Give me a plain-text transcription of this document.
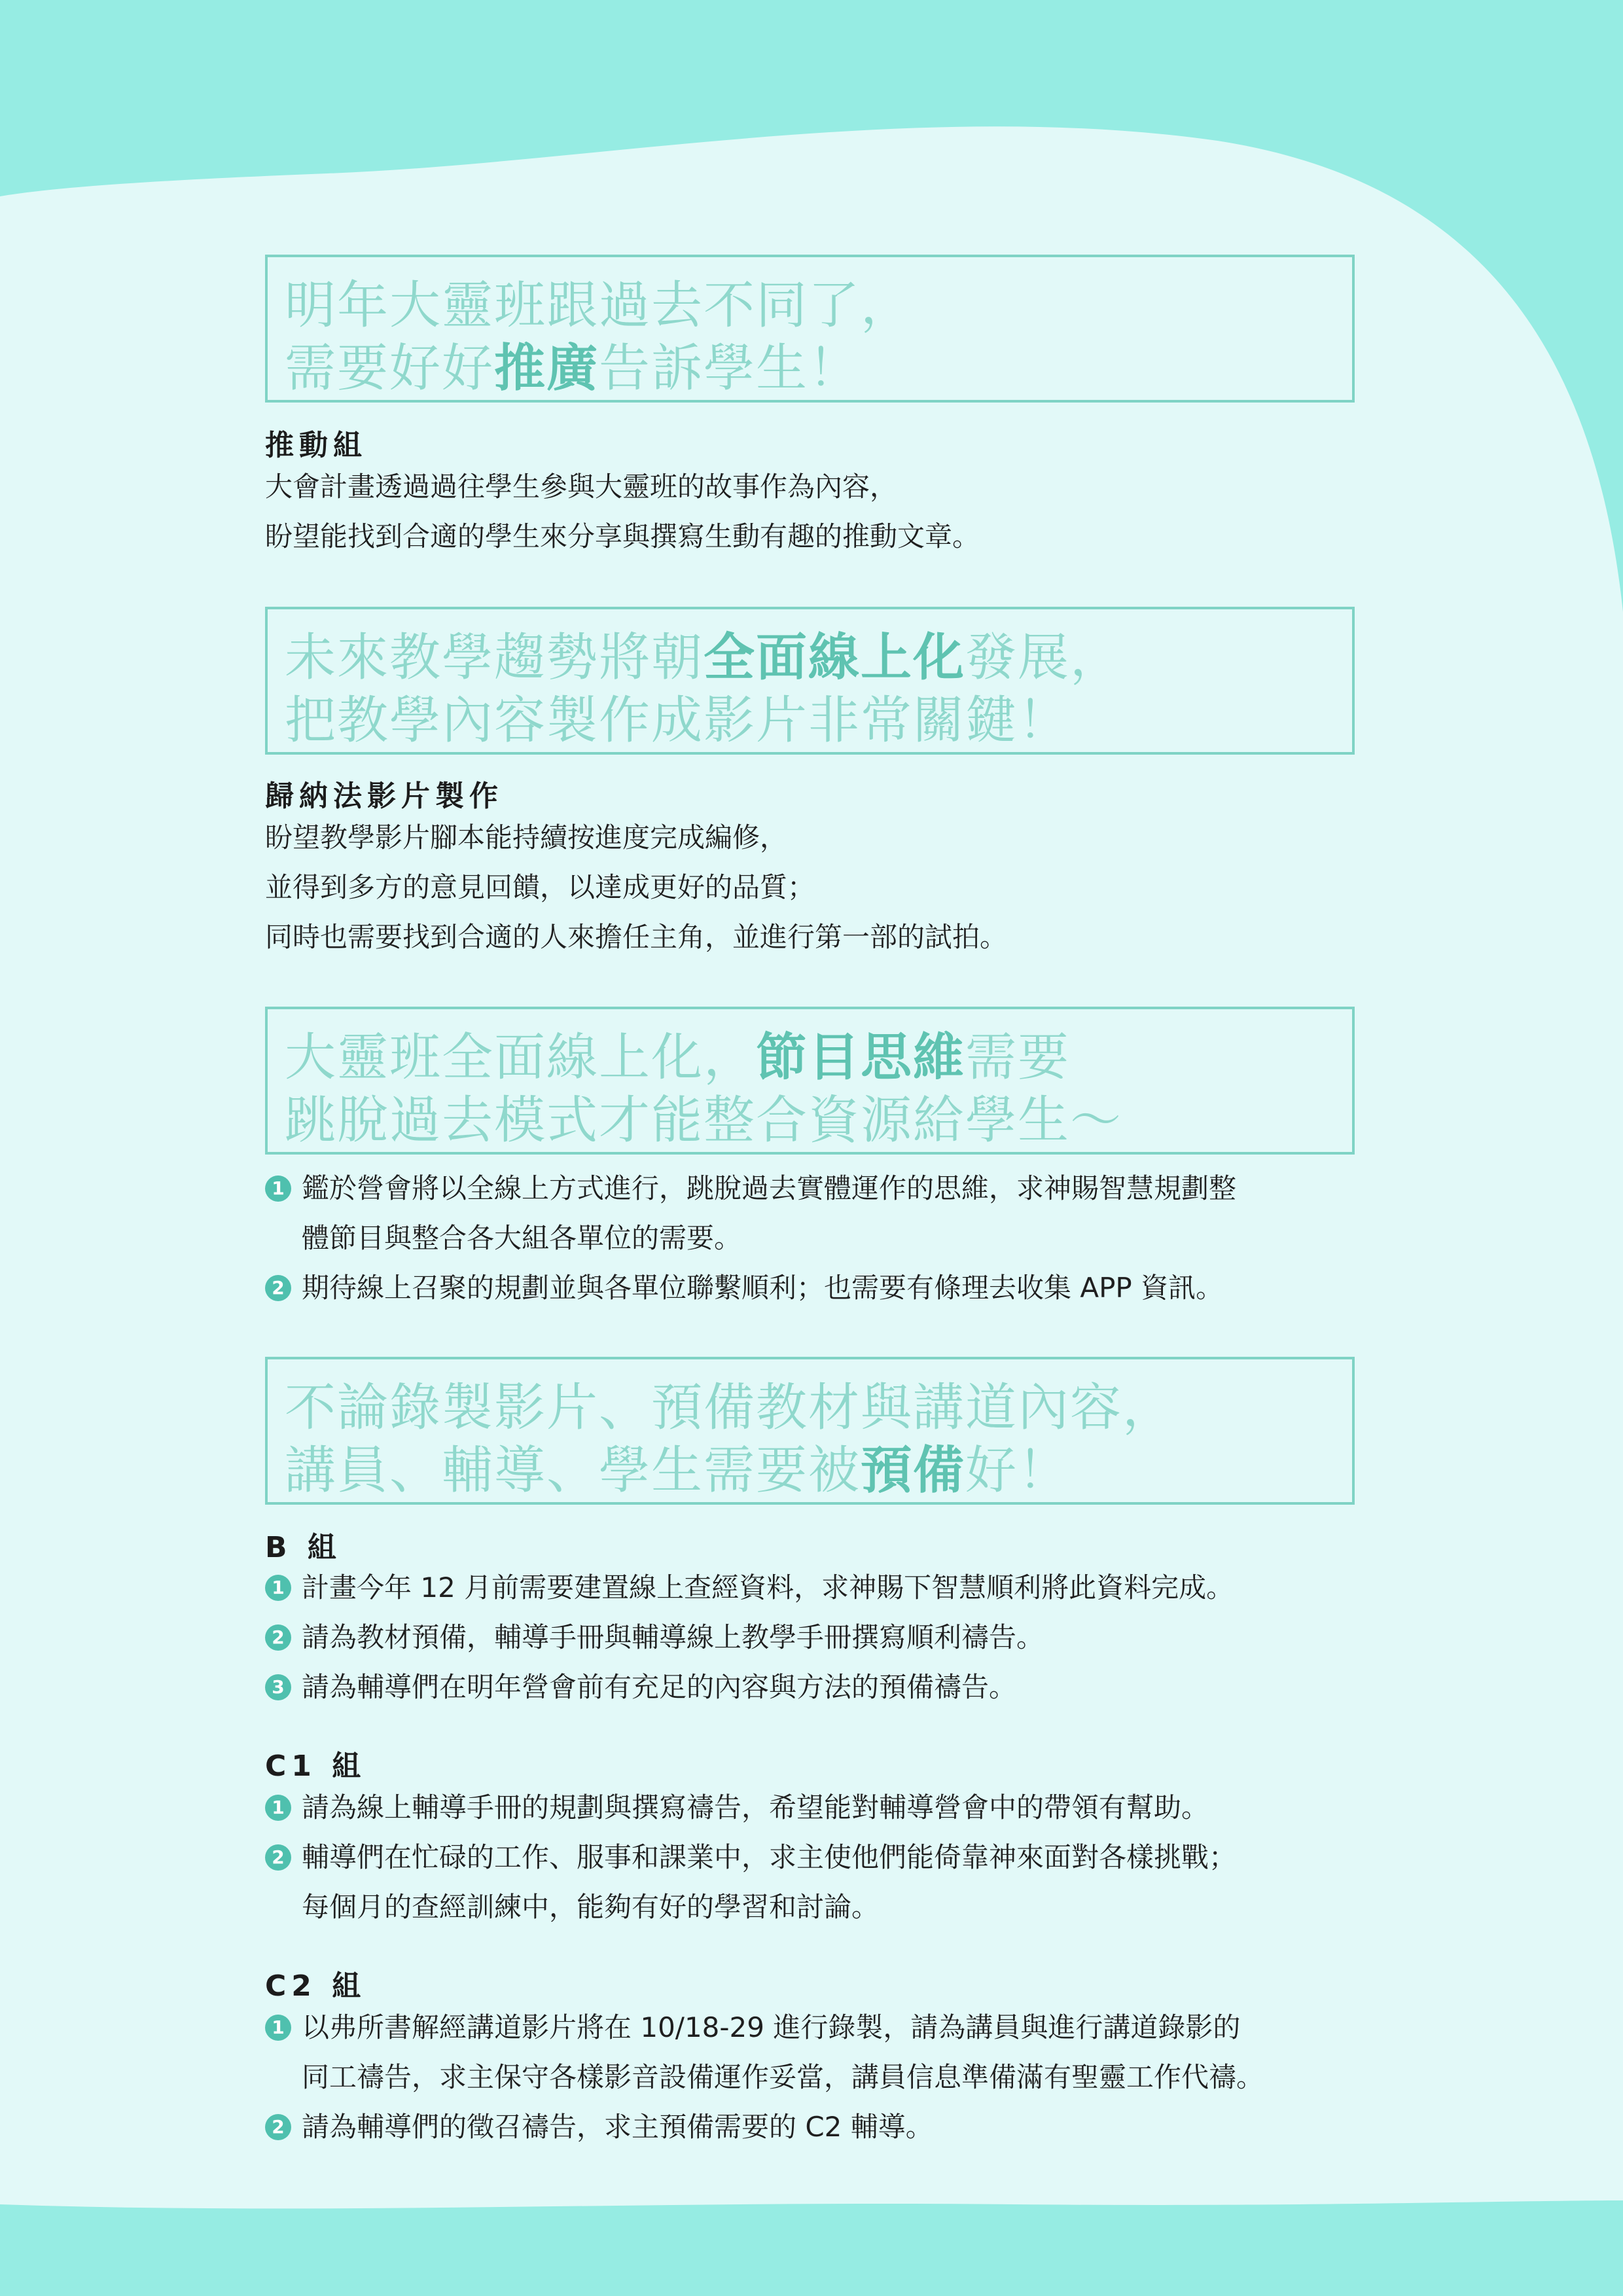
明年大靈班跟過去不同了，
需要好好推廣告訴學生！
推動組
大會計畫透過過往學生參與大靈班的故事作為內容，
盼望能找到合適的學生來分享與撰寫生動有趣的推動文章。
未來教學趨勢將朝全面線上化發展，
把教學內容製作成影片非常關鍵！
歸納法影片製作
盼望教學影片腳本能持續按進度完成編修，
並得到多方的意見回饋，以達成更好的品質；
同時也需要找到合適的人來擔任主角，並進行第一部的試拍。
大靈班全面線上化，節目思維需要
跳脫過去模式才能整合資源給學生～
1 鑑於營會將以全線上方式進行，跳脫過去實體運作的思維，求神賜智慧規劃整
體節目與整合各大組各單位的需要。
2 期待線上召聚的規劃並與各單位聯繫順利；也需要有條理去收集 APP 資訊。
不論錄製影片、預備教材與講道內容，
講員、輔導、學生需要被預備好！
B 組
1 計畫今年 12 月前需要建置線上查經資料，求神賜下智慧順利將此資料完成。
2 請為教材預備，輔導手冊與輔導線上教學手冊撰寫順利禱告。
3 請為輔導們在明年營會前有充足的內容與方法的預備禱告。
C1 組
1 請為線上輔導手冊的規劃與撰寫禱告，希望能對輔導營會中的帶領有幫助。
2 輔導們在忙碌的工作、服事和課業中，求主使他們能倚靠神來面對各樣挑戰；
每個月的查經訓練中，能夠有好的學習和討論。
C2 組
1 以弗所書解經講道影片將在 10/18-29 進行錄製，請為講員與進行講道錄影的
同工禱告，求主保守各樣影音設備運作妥當，講員信息準備滿有聖靈工作代禱。
2 請為輔導們的徵召禱告，求主預備需要的 C2 輔導。
